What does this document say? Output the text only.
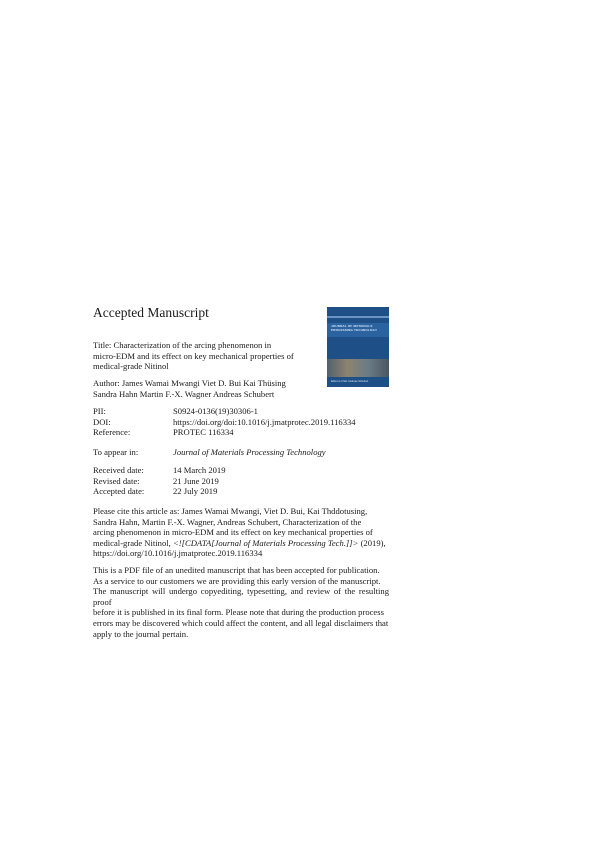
Accepted Manuscript
Title: Characterization of the arcing phenomenon in
micro-EDM and its effect on key mechanical properties of
medical-grade Nitinol
Author: James Wamai Mwangi Viet D. Bui Kai Thüsing
Sandra Hahn Martin F.-X. Wagner Andreas Schubert
JOURNAL OF MATERIALS
PROCESSING TECHNOLOGY
Editor-in-Chief: Andreas Schubert
PII:	S0924-0136(19)30306-1
DOI:	https://doi.org/doi:10.1016/j.jmatprotec.2019.116334
Reference:	PROTEC 116334
To appear in:	Journal of Materials Processing Technology
Received date:	14 March 2019
Revised date:	21 June 2019
Accepted date:	22 July 2019
Please cite this article as: James Wamai Mwangi, Viet D. Bui, Kai Thddotusing,
Sandra Hahn, Martin F.-X. Wagner, Andreas Schubert, Characterization of the
arcing phenomenon in micro-EDM and its effect on key mechanical properties of
medical-grade Nitinol, <![CDATA[Journal of Materials Processing Tech.]]> (2019),
https://doi.org/10.1016/j.jmatprotec.2019.116334
This is a PDF file of an unedited manuscript that has been accepted for publication.
As a service to our customers we are providing this early version of the manuscript.
The manuscript will undergo copyediting, typesetting, and review of the resulting proof
before it is published in its final form. Please note that during the production process
errors may be discovered which could affect the content, and all legal disclaimers that
apply to the journal pertain.
